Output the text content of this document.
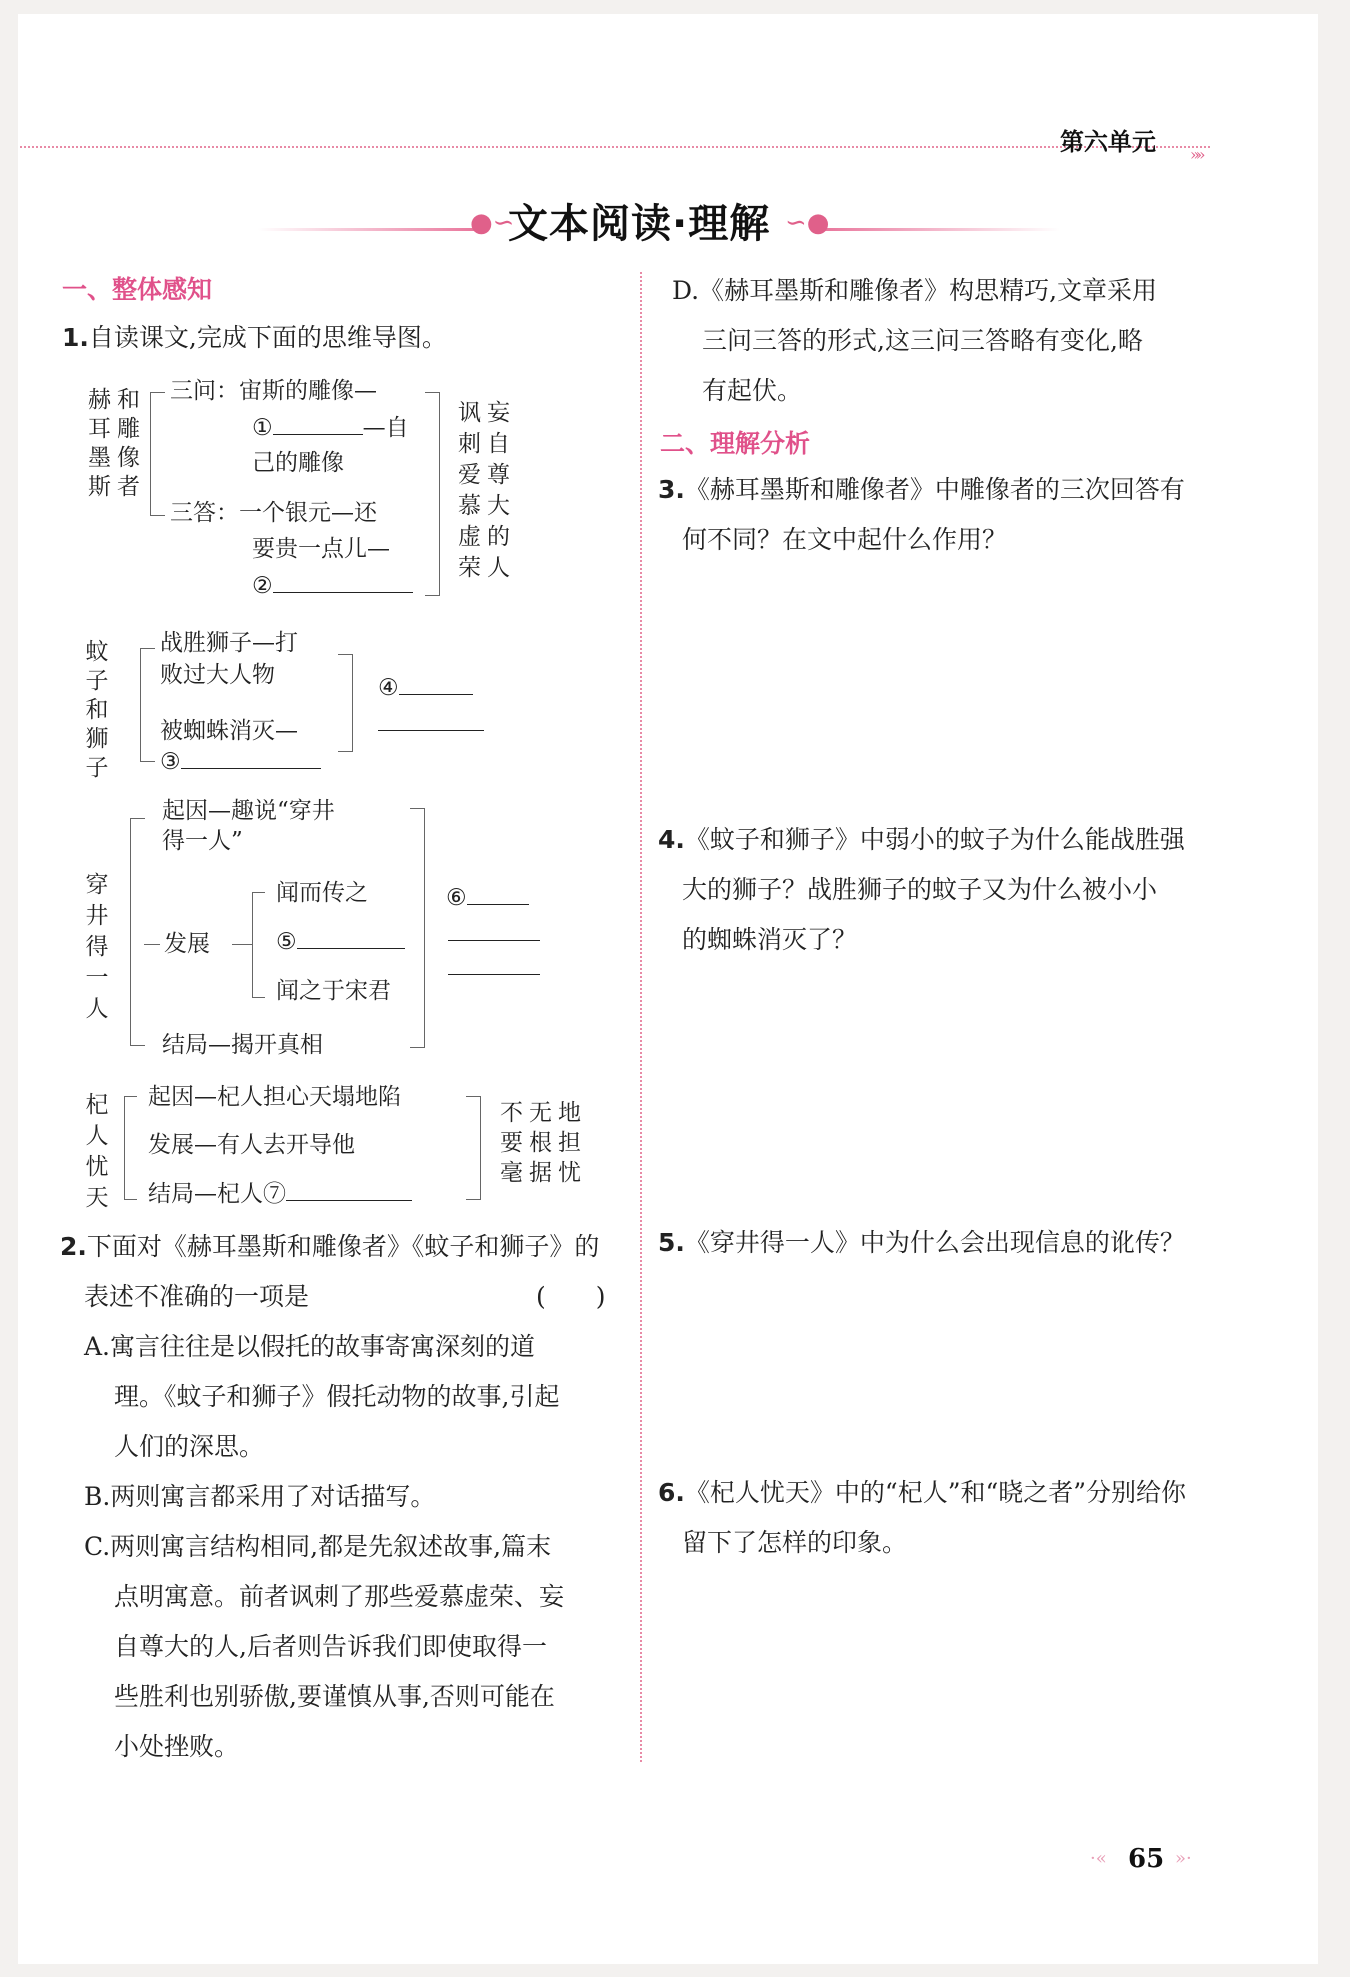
第六单元 »»
●∽	∽●
文本阅读·理解
一、整体感知
1.自读课文,完成下面的思维导图。
赫
耳
墨
斯
和
雕
像
者
三问：宙斯的雕像—
①	—自
己的雕像
三答：一个银元—还
要贵一点儿—
②
讽
刺
爱
慕
虚
荣
妄
自
尊
大
的
人
蚊
子
和
狮
子
战胜狮子—打
败过大人物
被蜘蛛消灭—
③
④
穿
井
得
一
人
起因—趣说“穿井
得一人”
发展
闻而传之
⑤
闻之于宋君
结局—揭开真相
⑥
杞
人
忧
天
起因—杞人担心天塌地陷
发展—有人去开导他
结局—杞人⑦
不无地
要根担
毫据忧
2.下面对《赫耳墨斯和雕像者》《蚊子和狮子》的
表述不准确的一项是	(　　)
A.寓言往往是以假托的故事寄寓深刻的道
理。《蚊子和狮子》假托动物的故事,引起
人们的深思。
B.两则寓言都采用了对话描写。
C.两则寓言结构相同,都是先叙述故事,篇末
点明寓意。前者讽刺了那些爱慕虚荣、妄
自尊大的人,后者则告诉我们即使取得一
些胜利也别骄傲,要谨慎从事,否则可能在
小处挫败。
D.《赫耳墨斯和雕像者》构思精巧,文章采用
三问三答的形式,这三问三答略有变化,略
有起伏。
二、理解分析
3.《赫耳墨斯和雕像者》中雕像者的三次回答有
何不同？在文中起什么作用？
4.《蚊子和狮子》中弱小的蚊子为什么能战胜强
大的狮子？战胜狮子的蚊子又为什么被小小
的蜘蛛消灭了？
5.《穿井得一人》中为什么会出现信息的讹传？
6.《杞人忧天》中的“杞人”和“晓之者”分别给你
留下了怎样的印象。
·« 65 »·
